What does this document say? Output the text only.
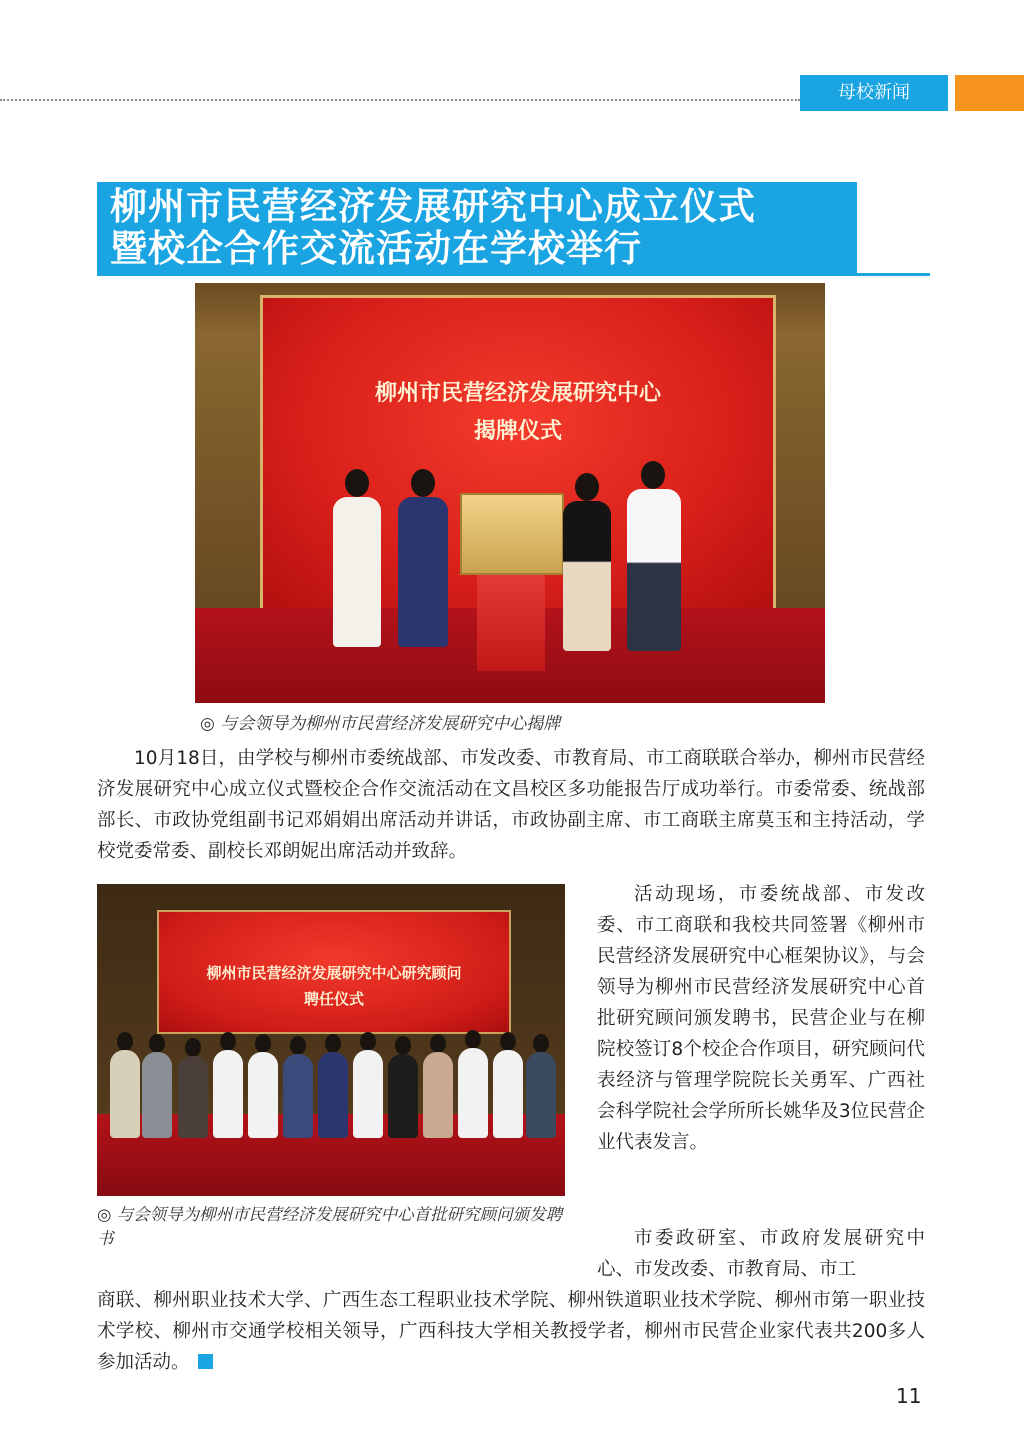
母校新闻
柳州市民营经济发展研究中心成立仪式
暨校企合作交流活动在学校举行
柳州市民营经济发展研究中心
揭牌仪式
◎ 与会领导为柳州市民营经济发展研究中心揭牌
10月18日，由学校与柳州市委统战部、市发改委、市教育局、市工商联联合举办，柳州市民营经济发展研究中心成立仪式暨校企合作交流活动在文昌校区多功能报告厅成功举行。市委常委、统战部部长、市政协党组副书记邓娟娟出席活动并讲话，市政协副主席、市工商联主席莫玉和主持活动，学校党委常委、副校长邓朗妮出席活动并致辞。
柳州市民营经济发展研究中心研究顾问
聘任仪式
◎ 与会领导为柳州市民营经济发展研究中心首批研究顾问颁发聘书
活动现场，市委统战部、市发改委、市工商联和我校共同签署《柳州市民营经济发展研究中心框架协议》，与会领导为柳州市民营经济发展研究中心首批研究顾问颁发聘书，民营企业与在柳院校签订8个校企合作项目，研究顾问代表经济与管理学院院长关勇军、广西社会科学院社会学所所长姚华及3位民营企业代表发言。
市委政研室、市政府发展研究中心、市发改委、市教育局、市工
商联、柳州职业技术大学、广西生态工程职业技术学院、柳州铁道职业技术学院、柳州市第一职业技术学校、柳州市交通学校相关领导，广西科技大学相关教授学者，柳州市民营企业家代表共200多人参加活动。
11
